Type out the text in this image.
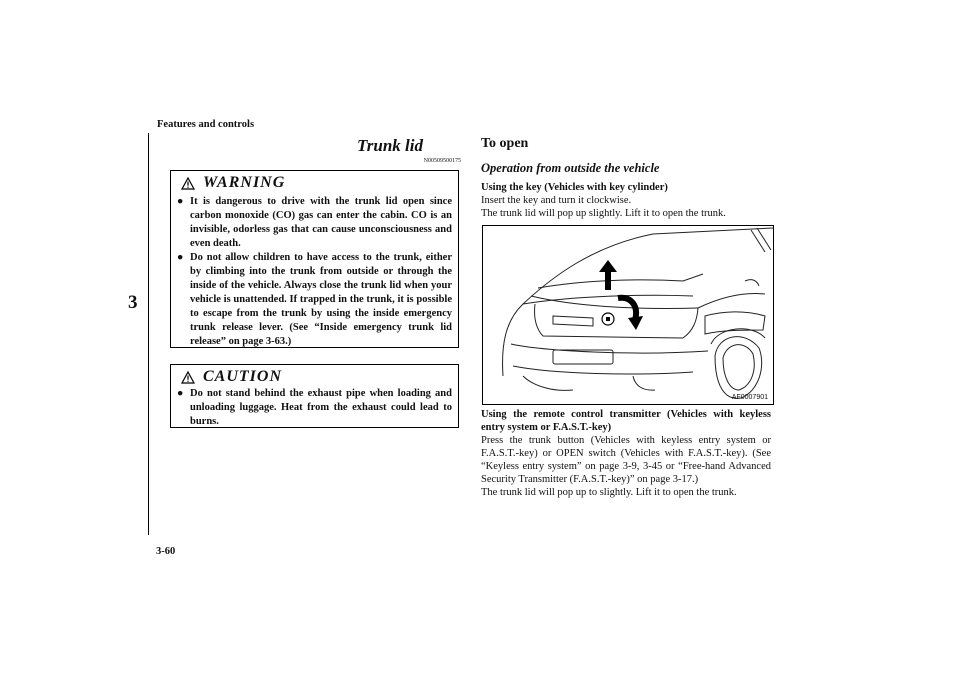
Features and controls
3
3-60
Trunk lid
N00509500175
WARNING
● It is dangerous to drive with the trunk lid open since carbon monoxide (CO) gas can enter the cabin. CO is an invisible, odorless gas that can cause unconsciousness and even death.
● Do not allow children to have access to the trunk, either by climbing into the trunk from outside or through the inside of the vehicle. Always close the trunk lid when your vehicle is unattended. If trapped in the trunk, it is possible to escape from the trunk by using the inside emergency trunk release lever. (See “Inside emergency trunk lid release” on page 3-63.)
CAUTION
● Do not stand behind the exhaust pipe when loading and unloading luggage. Heat from the exhaust could lead to burns.
To open
Operation from outside the vehicle
Using the key (Vehicles with key cylinder)
Insert the key and turn it clockwise.
The trunk lid will pop up slightly. Lift it to open the trunk.
AF0007901
Using the remote control transmitter (Vehicles with keyless entry system or F.A.S.T.-key)
Press the trunk button (Vehicles with keyless entry system or F.A.S.T.-key) or OPEN switch (Vehicles with F.A.S.T.-key). (See “Keyless entry system” on page 3-9, 3-45 or “Free-hand Advanced Security Transmitter (F.A.S.T.-key)” on page 3-17.)
The trunk lid will pop up to slightly. Lift it to open the trunk.
